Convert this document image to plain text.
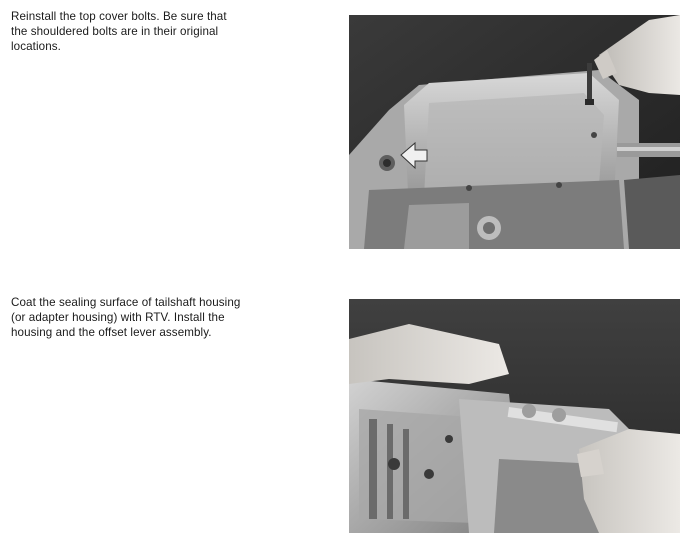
Reinstall the top cover bolts. Be sure that
the shouldered bolts are in their original
locations.
Coat the sealing surface of tailshaft housing
(or adapter housing) with RTV. Install the
housing and the offset lever assembly.
